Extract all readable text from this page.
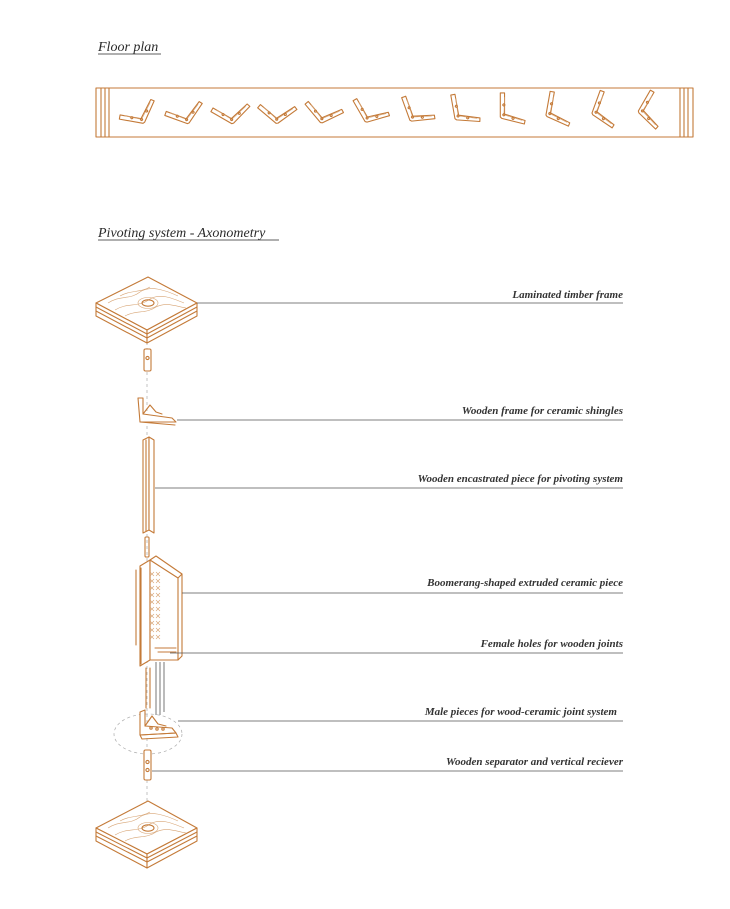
Floor plan
Pivoting system - Axonometry
Laminated timber frame
Wooden frame for ceramic shingles
Wooden encastrated piece for pivoting system
Boomerang-shaped extruded ceramic piece
Female holes for wooden joints
Male pieces for wood-ceramic joint system
Wooden separator and vertical reciever
